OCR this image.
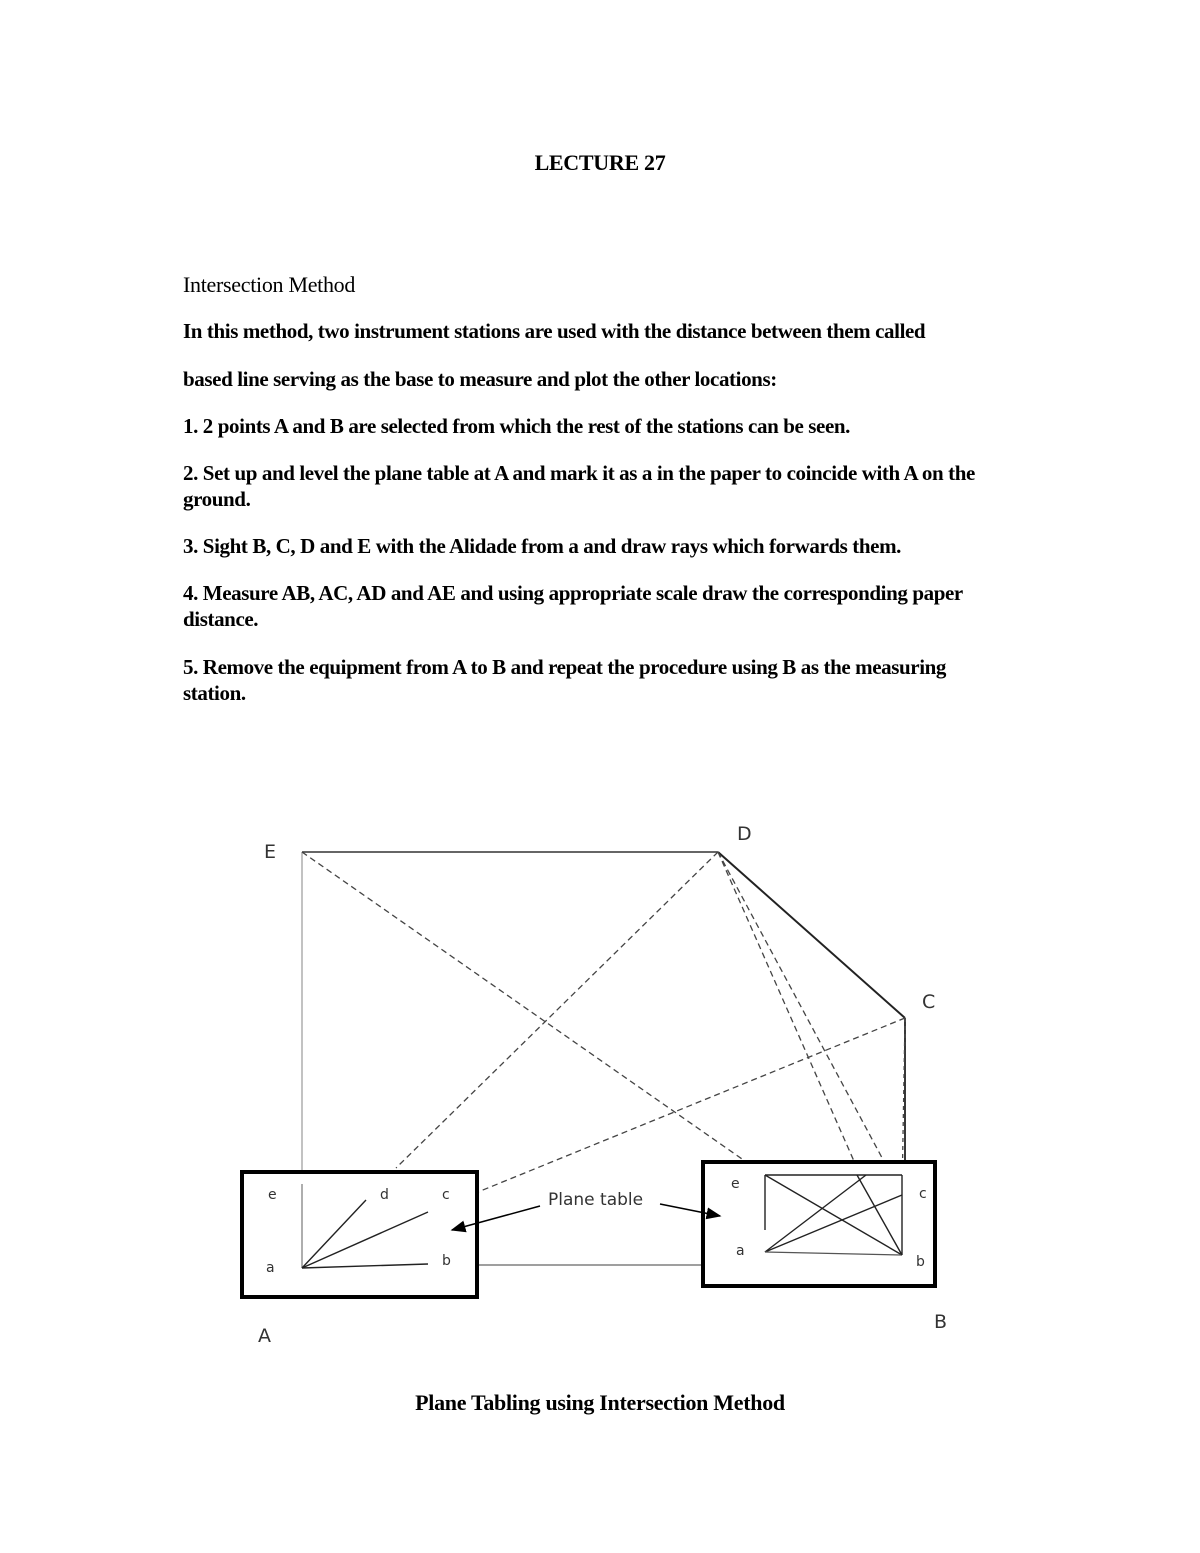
LECTURE 27
Intersection Method
In this method, two instrument stations are used with the distance between them called
based line serving as the base to measure and plot the other locations:
1. 2 points A and B are selected from which the rest of the stations can be seen.
2. Set up and level the plane table at A and mark it as a in the paper to coincide with A on the ground.
3. Sight B, C, D and E with the Alidade from a and draw rays which forwards them.
4. Measure AB, AC, AD and AE and using appropriate scale draw the corresponding paper distance.
5. Remove the equipment from A to B and repeat the procedure using B as the measuring station.
E
D
C
A
B
e	d	c
a	b
e
c
a
b
Plane table
Plane Tabling using Intersection Method
